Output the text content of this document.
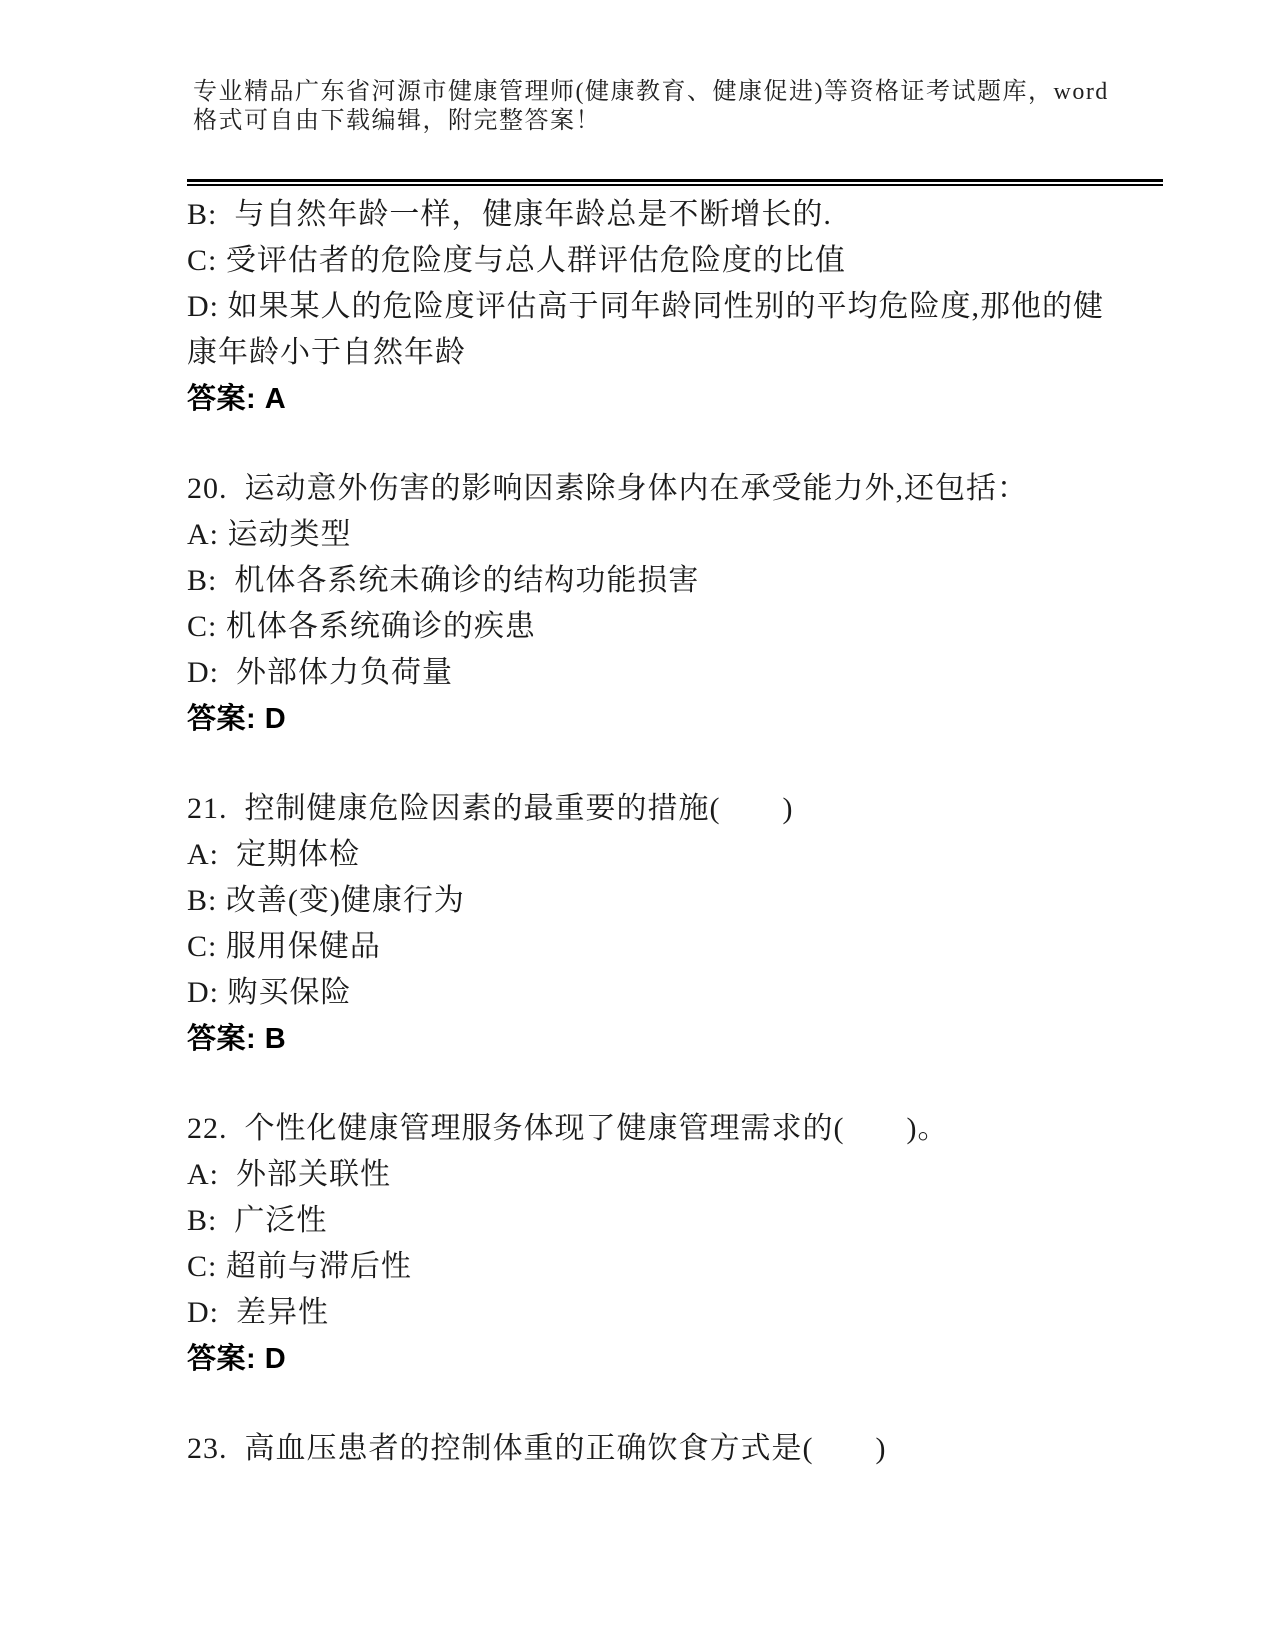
专业精品广东省河源市健康管理师(健康教育、健康促进)等资格证考试题库，word
格式可自由下载编辑，附完整答案！
B:  与自然年龄一样，健康年龄总是不断增长的.
C: 受评估者的危险度与总人群评估危险度的比值
D: 如果某人的危险度评估高于同年龄同性别的平均危险度,那他的健
康年龄小于自然年龄
答案: A
20.  运动意外伤害的影响因素除身体内在承受能力外,还包括：
A: 运动类型
B:  机体各系统未确诊的结构功能损害
C: 机体各系统确诊的疾患
D:  外部体力负荷量
答案: D
21.  控制健康危险因素的最重要的措施(　　)
A:  定期体检
B: 改善(变)健康行为
C: 服用保健品
D: 购买保险
答案: B
22.  个性化健康管理服务体现了健康管理需求的(　　)。
A:  外部关联性
B:  广泛性
C: 超前与滞后性
D:  差异性
答案: D
23.  高血压患者的控制体重的正确饮食方式是(　　)
